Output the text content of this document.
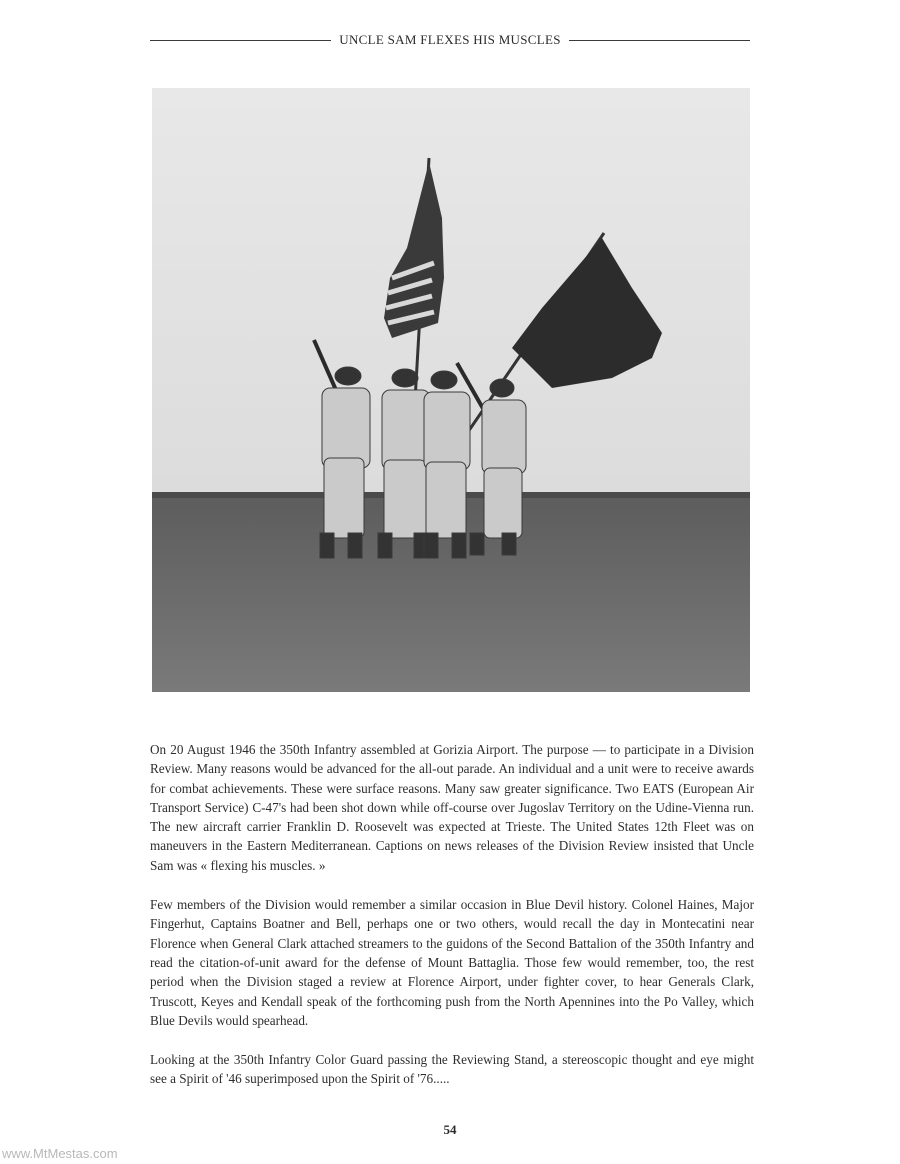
UNCLE SAM FLEXES HIS MUSCLES

On 20 August 1946 the 350th Infantry assembled at Gorizia Airport. The purpose — to participate in a Division Review. Many reasons would be advanced for the all-out parade. An individual and a unit were to receive awards for combat achievements. These were surface reasons. Many saw greater significance. Two EATS (European Air Transport Service) C-47's had been shot down while off-course over Jugoslav Territory on the Udine-Vienna run. The new aircraft carrier Franklin D. Roosevelt was expected at Trieste. The United States 12th Fleet was on maneuvers in the Eastern Mediterranean. Captions on news releases of the Division Review insisted that Uncle Sam was « flexing his muscles. »

Few members of the Division would remember a similar occasion in Blue Devil history. Colonel Haines, Major Fingerhut, Captains Boatner and Bell, perhaps one or two others, would recall the day in Montecatini near Florence when General Clark attached streamers to the guidons of the Second Battalion of the 350th Infantry and read the citation-of-unit award for the defense of Mount Battaglia. Those few would remember, too, the rest period when the Division staged a review at Florence Airport, under fighter cover, to hear Generals Clark, Truscott, Keyes and Kendall speak of the forthcoming push from the North Apennines into the Po Valley, which Blue Devils would spearhead.

Looking at the 350th Infantry Color Guard passing the Reviewing Stand, a stereoscopic thought and eye might see a Spirit of '46 superimposed upon the Spirit of '76.....

54
www.MtMestas.com
